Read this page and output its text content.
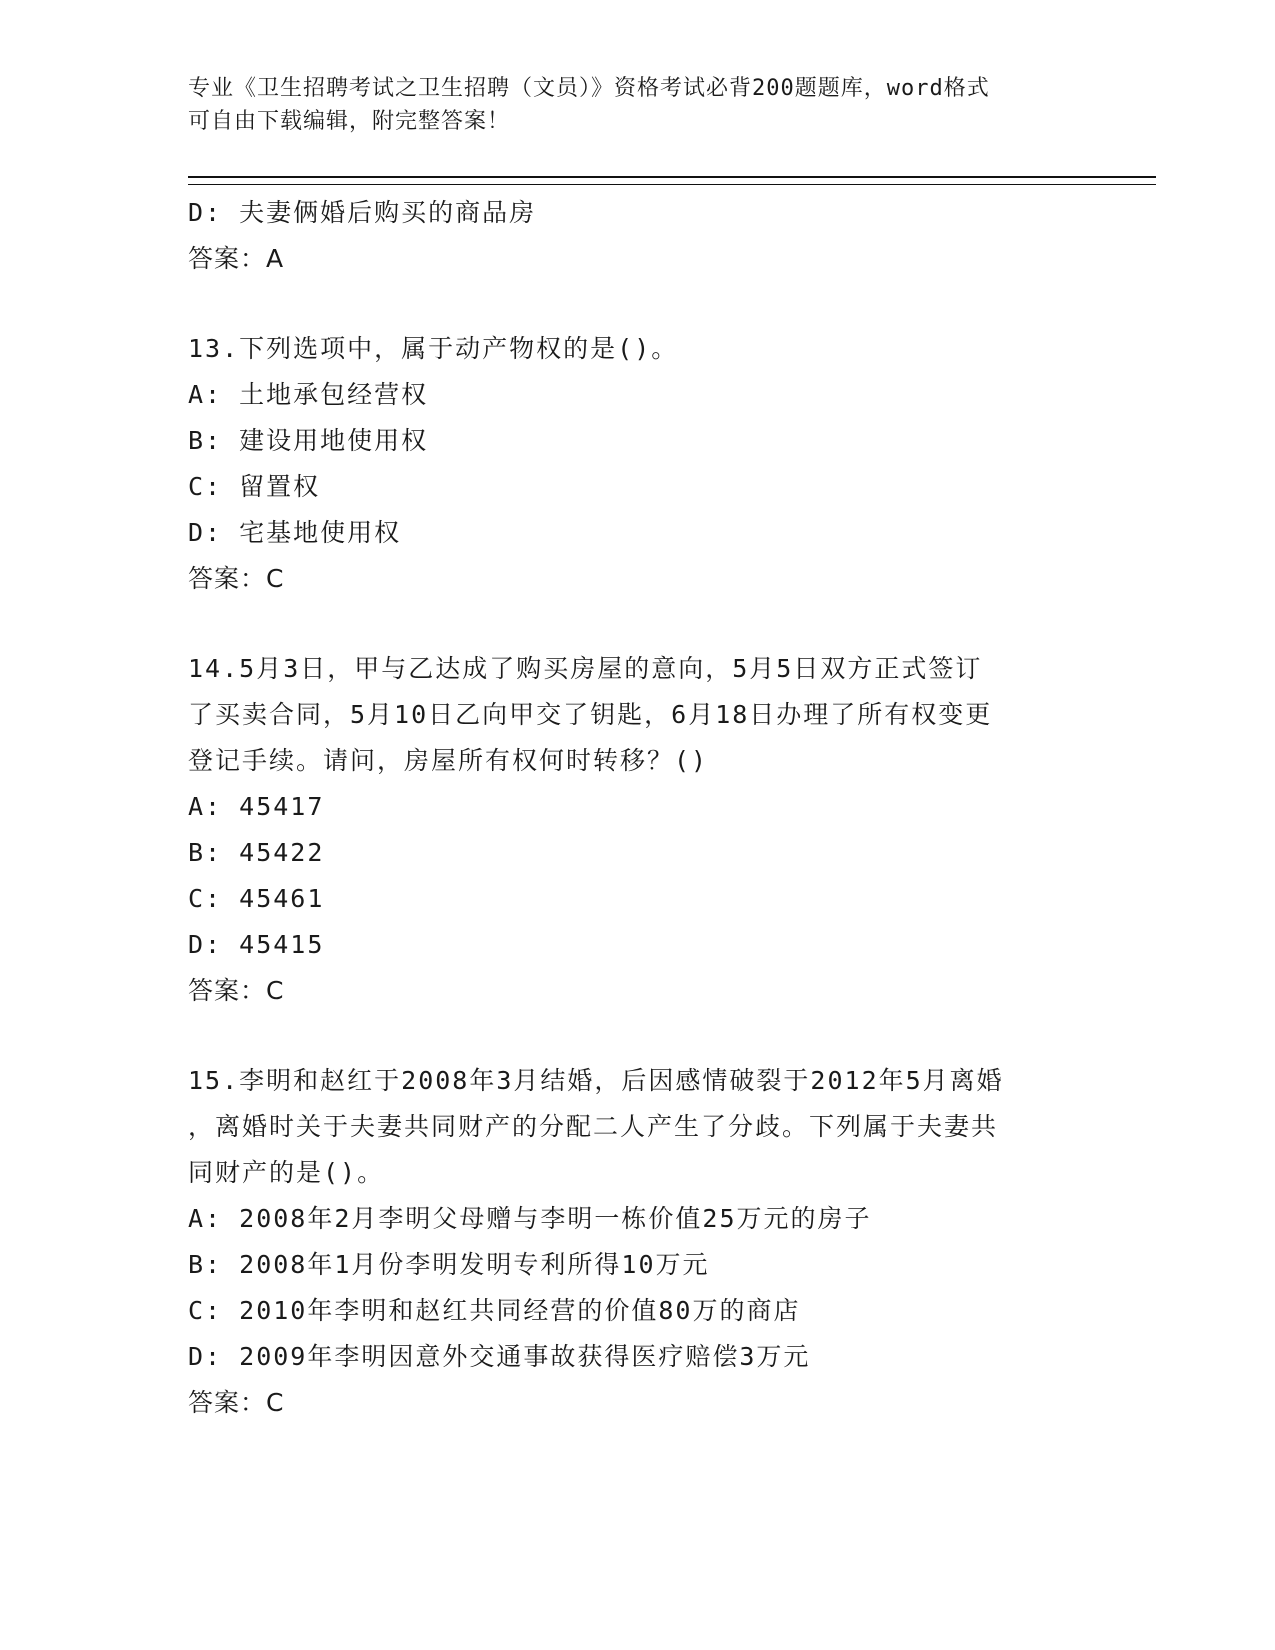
专业《卫生招聘考试之卫生招聘（文员）》资格考试必背200题题库，word格式
可自由下载编辑，附完整答案！
D: 夫妻俩婚后购买的商品房
答案：A
13.下列选项中，属于动产物权的是()。
A: 土地承包经营权
B: 建设用地使用权
C: 留置权
D: 宅基地使用权
答案：C
14.5月3日，甲与乙达成了购买房屋的意向，5月5日双方正式签订
了买卖合同，5月10日乙向甲交了钥匙，6月18日办理了所有权变更
登记手续。请问，房屋所有权何时转移？()
A: 45417
B: 45422
C: 45461
D: 45415
答案：C
15.李明和赵红于2008年3月结婚，后因感情破裂于2012年5月离婚
，离婚时关于夫妻共同财产的分配二人产生了分歧。下列属于夫妻共
同财产的是()。
A: 2008年2月李明父母赠与李明一栋价值25万元的房子
B: 2008年1月份李明发明专利所得10万元
C: 2010年李明和赵红共同经营的价值80万的商店
D: 2009年李明因意外交通事故获得医疗赔偿3万元
答案：C
